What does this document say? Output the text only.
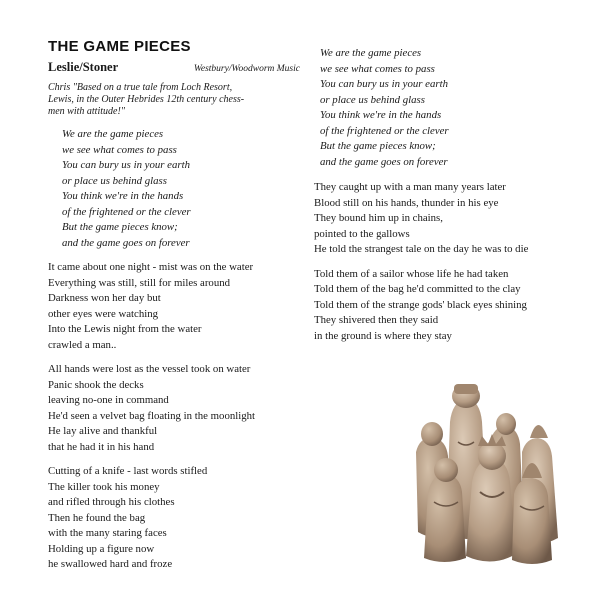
THE GAME PIECES
Leslie/Stoner	Westbury/Woodworm Music
Chris "Based on a true tale from Loch Resort,
Lewis, in the Outer Hebrides 12th century chess-
men with attitude!"
We are the game pieces
we see what comes to pass
You can bury us in your earth
or place us behind glass
You think we're in the hands
of the frightened or the clever
But the game pieces know;
and the game goes on forever
It came about one night - mist was on the water
Everything was still, still for miles around
Darkness won her day but
other eyes were watching
Into the Lewis night from the water
crawled a man..
All hands were lost as the vessel took on water
Panic shook the decks
leaving no-one in command
He'd seen a velvet bag floating in the moonlight
He lay alive and thankful
that he had it in his hand
Cutting of a knife - last words stifled
The killer took his money
and rifled through his clothes
Then he found the bag
with the many staring faces
Holding up a figure now
he swallowed hard and froze
We are the game pieces
we see what comes to pass
You can bury us in your earth
or place us behind glass
You think we're in the hands
of the frightened or the clever
But the game pieces know;
and the game goes on forever
They caught up with a man many years later
Blood still on his hands, thunder in his eye
They bound him up in chains,
pointed to the gallows
He told the strangest tale on the day he was to die
Told them of a sailor whose life he had taken
Told them of the bag he'd committed to the clay
Told them of the strange gods' black eyes shining
They shivered then they said
in the ground is where they stay
